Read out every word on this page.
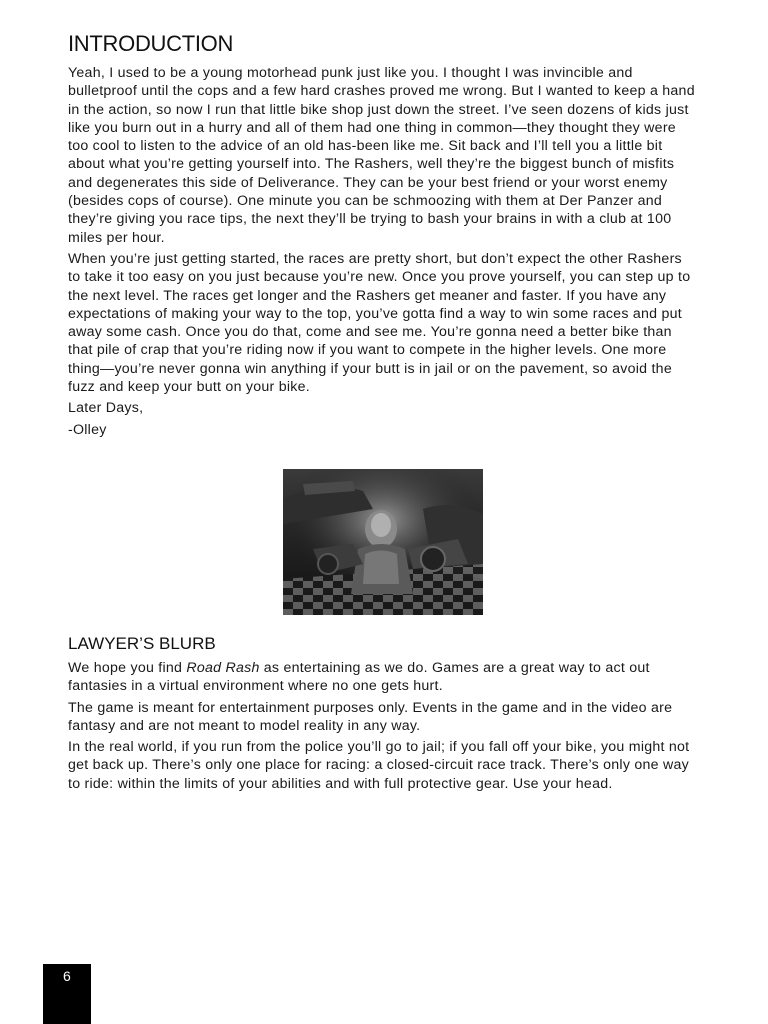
INTRODUCTION

Yeah, I used to be a young motorhead punk just like you. I thought I was invincible and bulletproof until the cops and a few hard crashes proved me wrong. But I wanted to keep a hand in the action, so now I run that little bike shop just down the street. I’ve seen dozens of kids just like you burn out in a hurry and all of them had one thing in common—they thought they were too cool to listen to the advice of an old has-been like me. Sit back and I’ll tell you a little bit about what you’re getting yourself into. The Rashers, well they’re the biggest bunch of misfits and degenerates this side of Deliverance. They can be your best friend or your worst enemy (besides cops of course). One minute you can be schmoozing with them at Der Panzer and they’re giving you race tips, the next they’ll be trying to bash your brains in with a club at 100 miles per hour.

When you’re just getting started, the races are pretty short, but don’t expect the other Rashers to take it too easy on you just because you’re new. Once you prove yourself, you can step up to the next level. The races get longer and the Rashers get meaner and faster. If you have any expectations of making your way to the top, you’ve gotta find a way to win some races and put away some cash. Once you do that, come and see me. You’re gonna need a better bike than that pile of crap that you’re riding now if you want to compete in the higher levels. One more thing—you’re never gonna win anything if your butt is in jail or on the pavement, so avoid the fuzz and keep your butt on your bike.

Later Days,

-Olley

LAWYER’S BLURB

We hope you find Road Rash as entertaining as we do. Games are a great way to act out fantasies in a virtual environment where no one gets hurt.

The game is meant for entertainment purposes only. Events in the game and in the video are fantasy and are not meant to model reality in any way.

In the real world, if you run from the police you’ll go to jail; if you fall off your bike, you might not get back up. There’s only one place for racing: a closed-circuit race track. There’s only one way to ride: within the limits of your abilities and with full protective gear. Use your head.

6
